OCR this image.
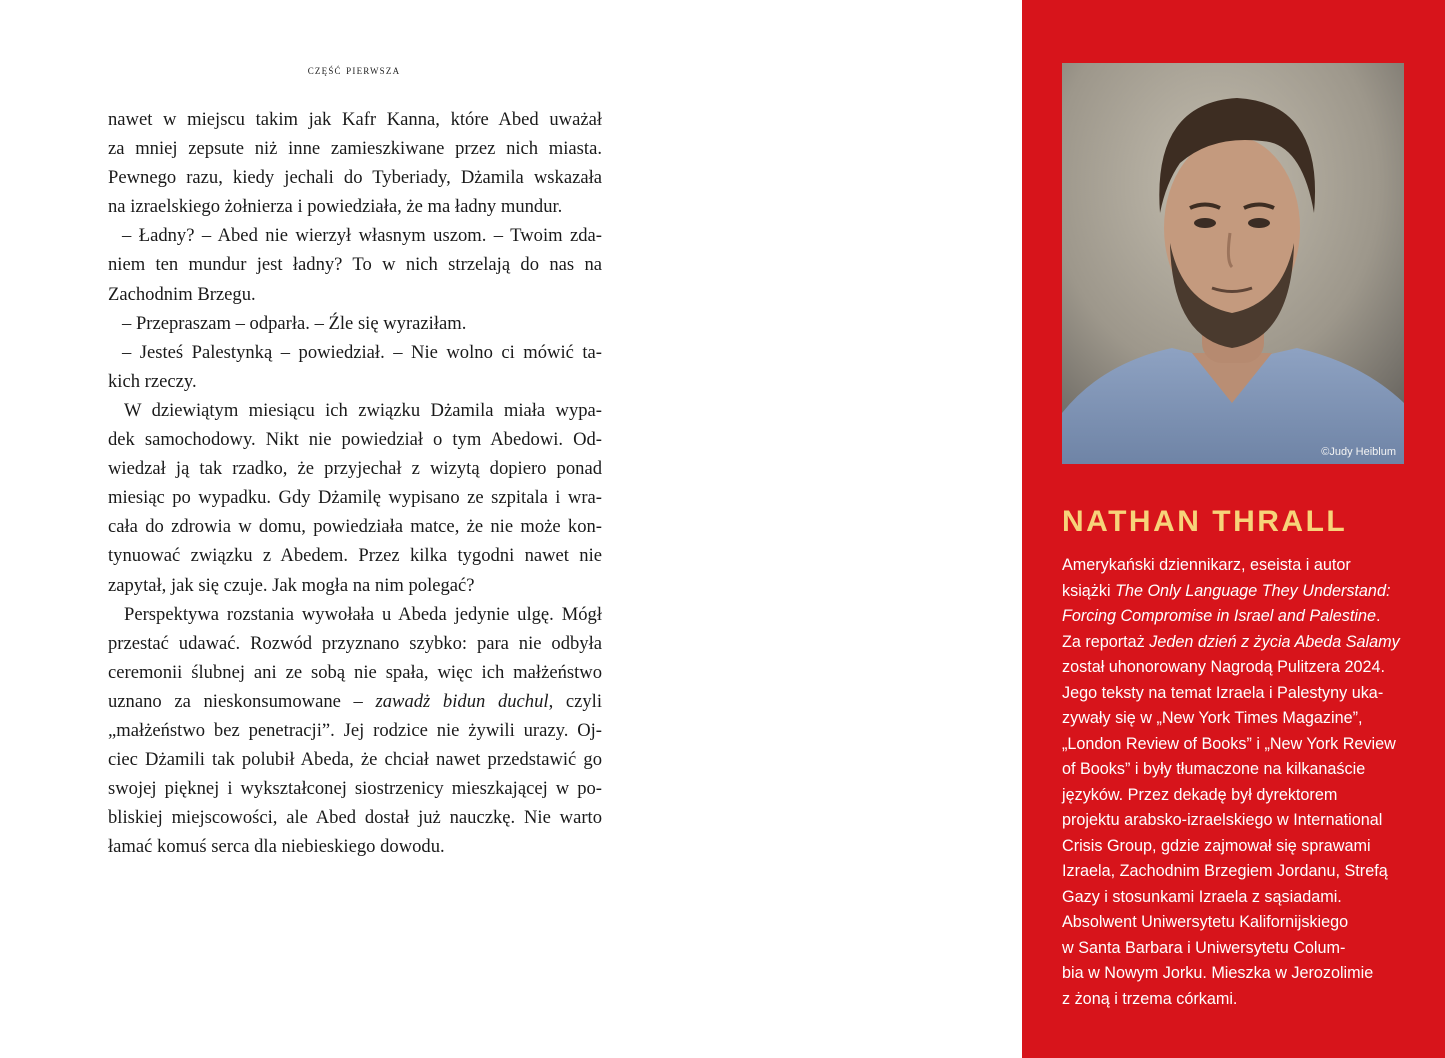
część pierwsza
nawet w miejscu takim jak Kafr Kanna, które Abed uważał
za mniej zepsute niż inne zamieszkiwane przez nich miasta.
Pewnego razu, kiedy jechali do Tyberiady, Dżamila wskazała
na izraelskiego żołnierza i powiedziała, że ma ładny mundur.
– Ładny? – Abed nie wierzył własnym uszom. – Twoim zda-
niem ten mundur jest ładny? To w nich strzelają do nas na
Zachodnim Brzegu.
– Przepraszam – odparła. – Źle się wyraziłam.
– Jesteś Palestynką – powiedział. – Nie wolno ci mówić ta-
kich rzeczy.
W dziewiątym miesiącu ich związku Dżamila miała wypa-
dek samochodowy. Nikt nie powiedział o tym Abedowi. Od-
wiedzał ją tak rzadko, że przyjechał z wizytą dopiero ponad
miesiąc po wypadku. Gdy Dżamilę wypisano ze szpitala i wra-
cała do zdrowia w domu, powiedziała matce, że nie może kon-
tynuować związku z Abedem. Przez kilka tygodni nawet nie
zapytał, jak się czuje. Jak mogła na nim polegać?
Perspektywa rozstania wywołała u Abeda jedynie ulgę. Mógł
przestać udawać. Rozwód przyznano szybko: para nie odbyła
ceremonii ślubnej ani ze sobą nie spała, więc ich małżeństwo
uznano za nieskonsumowane – zawadż bidun duchul, czyli
„małżeństwo bez penetracji”. Jej rodzice nie żywili urazy. Oj-
ciec Dżamili tak polubił Abeda, że chciał nawet przedstawić go
swojej pięknej i wykształconej siostrzenicy mieszkającej w po-
bliskiej miejscowości, ale Abed dostał już nauczkę. Nie warto
łamać komuś serca dla niebieskiego dowodu.
©Judy Heiblum
NATHAN THRALL
Amerykański dziennikarz, eseista i autor
książki The Only Language They Understand:
Forcing Compromise in Israel and Palestine.
Za reportaż Jeden dzień z życia Abeda Salamy
został uhonorowany Nagrodą Pulitzera 2024.
Jego teksty na temat Izraela i Palestyny uka-
zywały się w „New York Times Magazine”,
„London Review of Books” i „New York Review
of Books” i były tłumaczone na kilkanaście
języków. Przez dekadę był dyrektorem
projektu arabsko-izraelskiego w International
Crisis Group, gdzie zajmował się sprawami
Izraela, Zachodnim Brzegiem Jordanu, Strefą
Gazy i stosunkami Izraela z sąsiadami.
Absolwent Uniwersytetu Kalifornijskiego
w Santa Barbara i Uniwersytetu Colum-
bia w Nowym Jorku. Mieszka w Jerozolimie
z żoną i trzema córkami.
